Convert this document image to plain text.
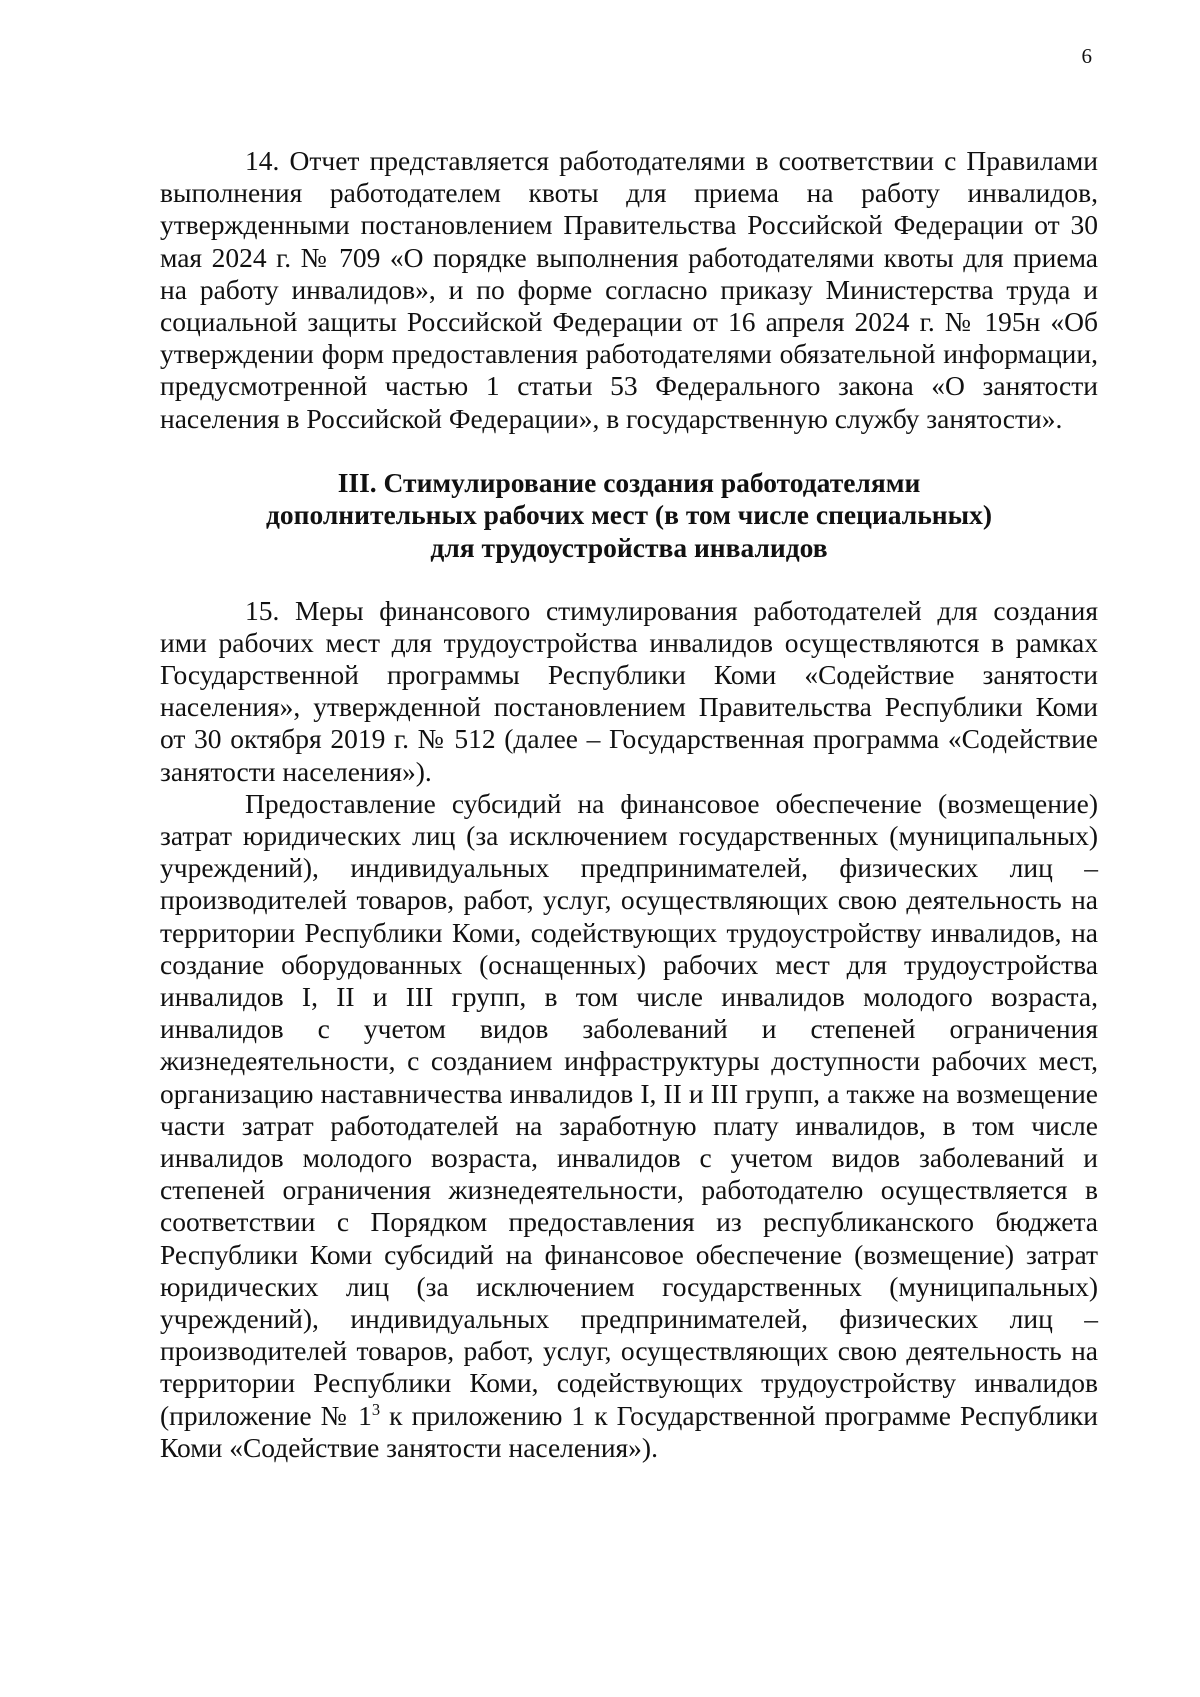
6

14. Отчет представляется работодателями в соответствии с Правилами выполнения работодателем квоты для приема на работу инвалидов, утвержденными постановлением Правительства Российской Федерации от 30 мая 2024 г. № 709 «О порядке выполнения работодателями квоты для приема на работу инвалидов», и по форме согласно приказу Министерства труда и социальной защиты Российской Федерации от 16 апреля 2024 г. № 195н «Об утверждении форм предоставления работодателями обязательной информации, предусмотренной частью 1 статьи 53 Федерального закона «О занятости населения в Российской Федерации», в государственную службу занятости».

III. Стимулирование создания работодателями
дополнительных рабочих мест (в том числе специальных)
для трудоустройства инвалидов

15. Меры финансового стимулирования работодателей для создания ими рабочих мест для трудоустройства инвалидов осуществляются в рамках Государственной программы Республики Коми «Содействие занятости населения», утвержденной постановлением Правительства Республики Коми от 30 октября 2019 г. № 512 (далее – Государственная программа «Содействие занятости населения»).

Предоставление субсидий на финансовое обеспечение (возмещение) затрат юридических лиц (за исключением государственных (муниципальных) учреждений), индивидуальных предпринимателей, физических лиц – производителей товаров, работ, услуг, осуществляющих свою деятельность на территории Республики Коми, содействующих трудоустройству инвалидов, на создание оборудованных (оснащенных) рабочих мест для трудоустройства инвалидов I, II и III групп, в том числе инвалидов молодого возраста, инвалидов с учетом видов заболеваний и степеней ограничения жизнедеятельности, с созданием инфраструктуры доступности рабочих мест, организацию наставничества инвалидов I, II и III групп, а также на возмещение части затрат работодателей на заработную плату инвалидов, в том числе инвалидов молодого возраста, инвалидов с учетом видов заболеваний и степеней ограничения жизнедеятельности, работодателю осуществляется в соответствии с Порядком предоставления из республиканского бюджета Республики Коми субсидий на финансовое обеспечение (возмещение) затрат юридических лиц (за исключением государственных (муниципальных) учреждений), индивидуальных предпринимателей, физических лиц – производителей товаров, работ, услуг, осуществляющих свою деятельность на территории Республики Коми, содействующих трудоустройству инвалидов (приложение № $1^3$ к приложению 1 к Государственной программе Республики Коми «Содействие занятости населения»).
